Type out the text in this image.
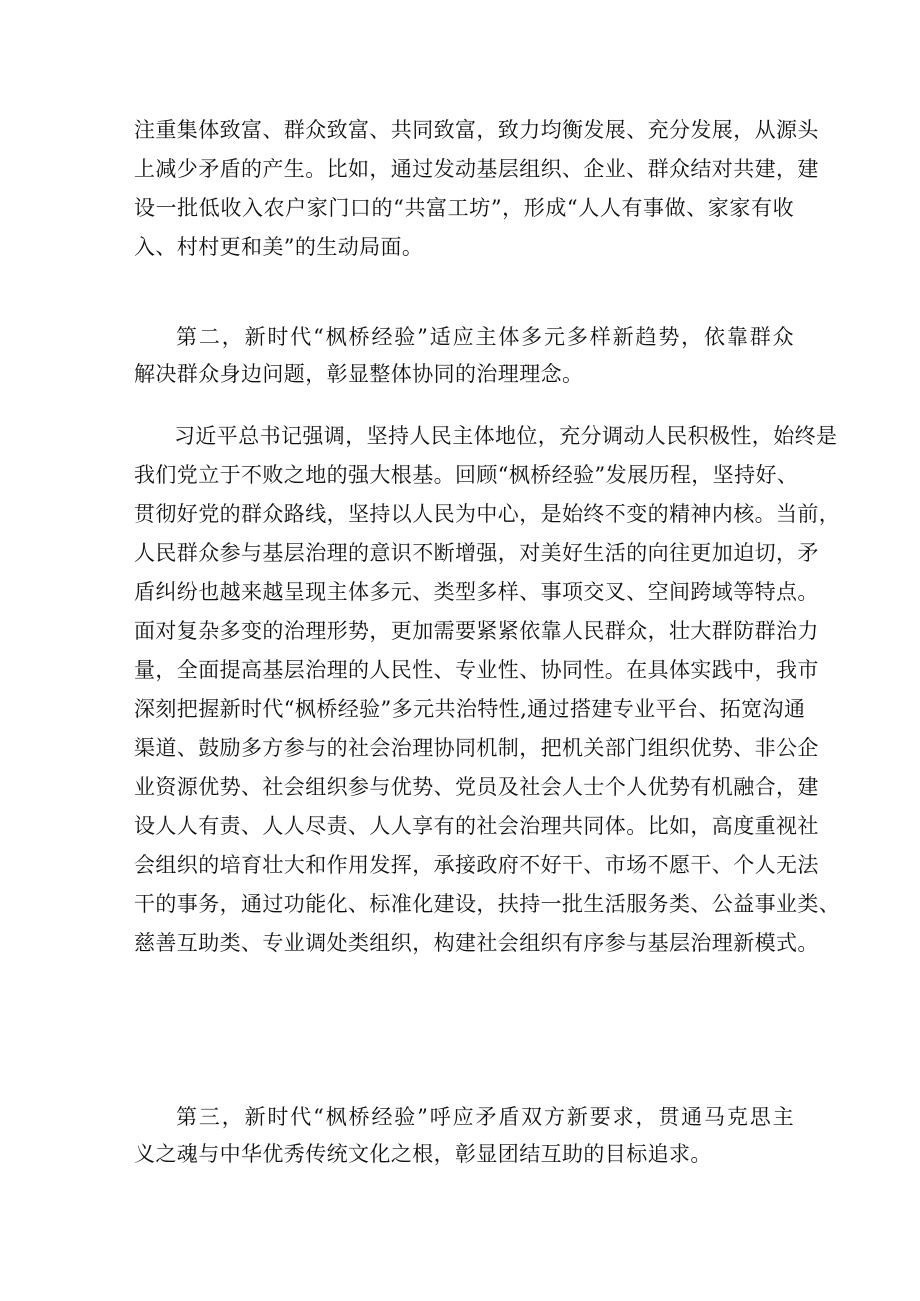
注重集体致富、群众致富、共同致富，致力均衡发展、充分发展，从源头
上减少矛盾的产生。比如，通过发动基层组织、企业、群众结对共建，建
设一批低收入农户家门口的“共富工坊”，形成“人人有事做、家家有收
入、村村更和美”的生动局面。
第二，新时代“枫桥经验”适应主体多元多样新趋势，依靠群众
解决群众身边问题，彰显整体协同的治理理念。
习近平总书记强调，坚持人民主体地位，充分调动人民积极性，始终是
我们党立于不败之地的强大根基。回顾“枫桥经验”发展历程，坚持好、
贯彻好党的群众路线，坚持以人民为中心，是始终不变的精神内核。当前，
人民群众参与基层治理的意识不断增强，对美好生活的向往更加迫切，矛
盾纠纷也越来越呈现主体多元、类型多样、事项交叉、空间跨域等特点。
面对复杂多变的治理形势，更加需要紧紧依靠人民群众，壮大群防群治力
量，全面提高基层治理的人民性、专业性、协同性。在具体实践中，我市
深刻把握新时代“枫桥经验”多元共治特性,通过搭建专业平台、拓宽沟通
渠道、鼓励多方参与的社会治理协同机制，把机关部门组织优势、非公企
业资源优势、社会组织参与优势、党员及社会人士个人优势有机融合，建
设人人有责、人人尽责、人人享有的社会治理共同体。比如，高度重视社
会组织的培育壮大和作用发挥，承接政府不好干、市场不愿干、个人无法
干的事务，通过功能化、标准化建设，扶持一批生活服务类、公益事业类、
慈善互助类、专业调处类组织，构建社会组织有序参与基层治理新模式。
第三，新时代“枫桥经验”呼应矛盾双方新要求，贯通马克思主
义之魂与中华优秀传统文化之根，彰显团结互助的目标追求。
